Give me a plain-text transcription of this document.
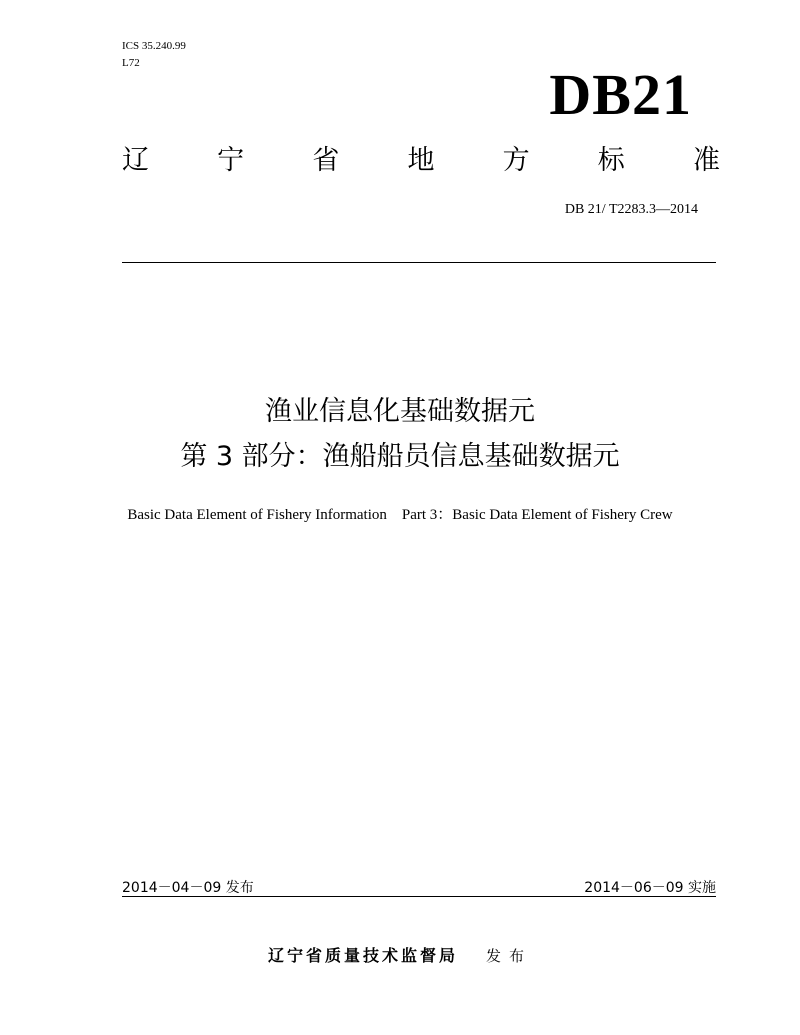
ICS 35.240.99
L72	DB21
辽	宁	省	地	方	标	准
DB 21/ T2283.3—2014
渔业信息化基础数据元
第 3 部分：渔船船员信息基础数据元
Basic Data Element of Fishery Information　Part 3：Basic Data Element of Fishery Crew
2014－04－09 发布	2014－06－09 实施
辽宁省质量技术监督局 发布
